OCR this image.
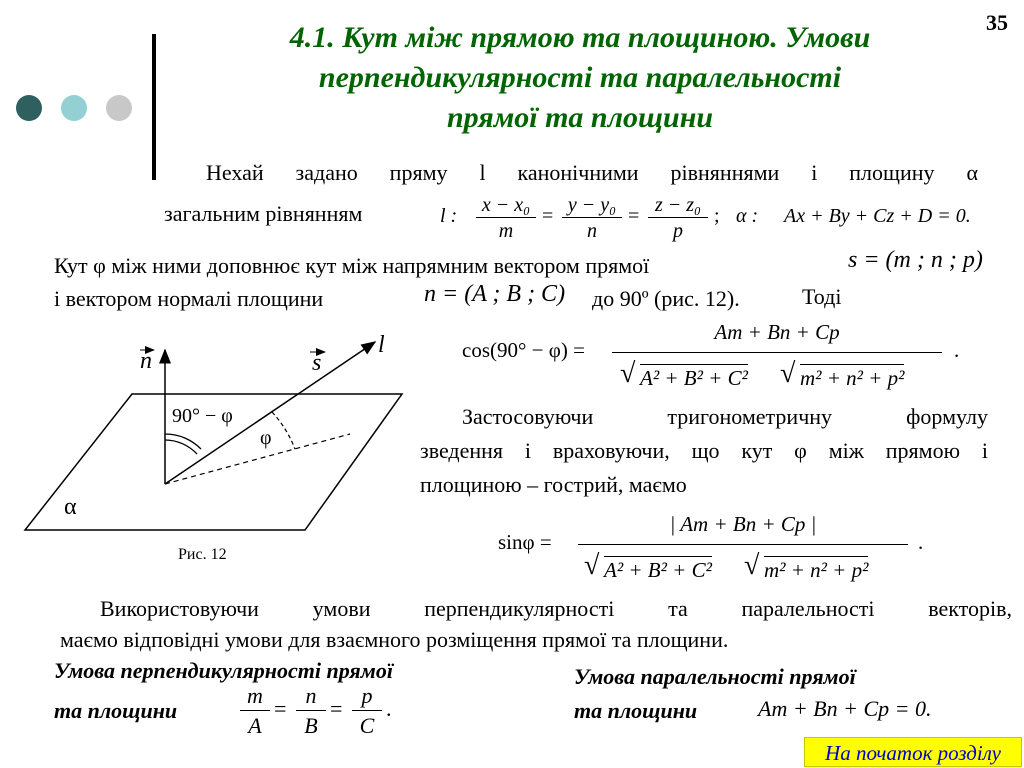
35
4.1. Кут між прямою та площиною. Умови
перпендикулярності та паралельності
прямої та площини
Нехай задано пряму l канонічними рівняннями і площину α
загальним рівнянням	l : x − x₀
m
= y − y₀
n
= z − z₀
p
; α : Ax + By + Cz + D = 0.
Кут φ між ними доповнює кут між напрямним вектором прямої	s = (m ; n ; p)
і вектором нормалі площини	n = (A ; B ; C) до 90º (рис. 12).	Тоді
cos(90° − φ) =
Am + Bn + Cp
√ A² + B² + C² √ m² + n² + p²
.
Застосовуючи тригонометричну формулу
зведення і враховуючи, що кут φ між прямою і
площиною – гострий, маємо
sinφ =
| Am + Bn + Cp |
√ A² + B² + C² √ m² + n² + p²
.
n	s
l
90° − φ
φ
α
Рис. 12
Використовуючи умови перпендикулярності та паралельності векторів,
маємо відповідні умови для взаємного розміщення прямої та площини.
Умова перпендикулярності прямої
та площини
m
A
=
n
B
=
p
C
.
Умова паралельності прямої
та площини	Am + Bn + Cp = 0.
На початок розділу
